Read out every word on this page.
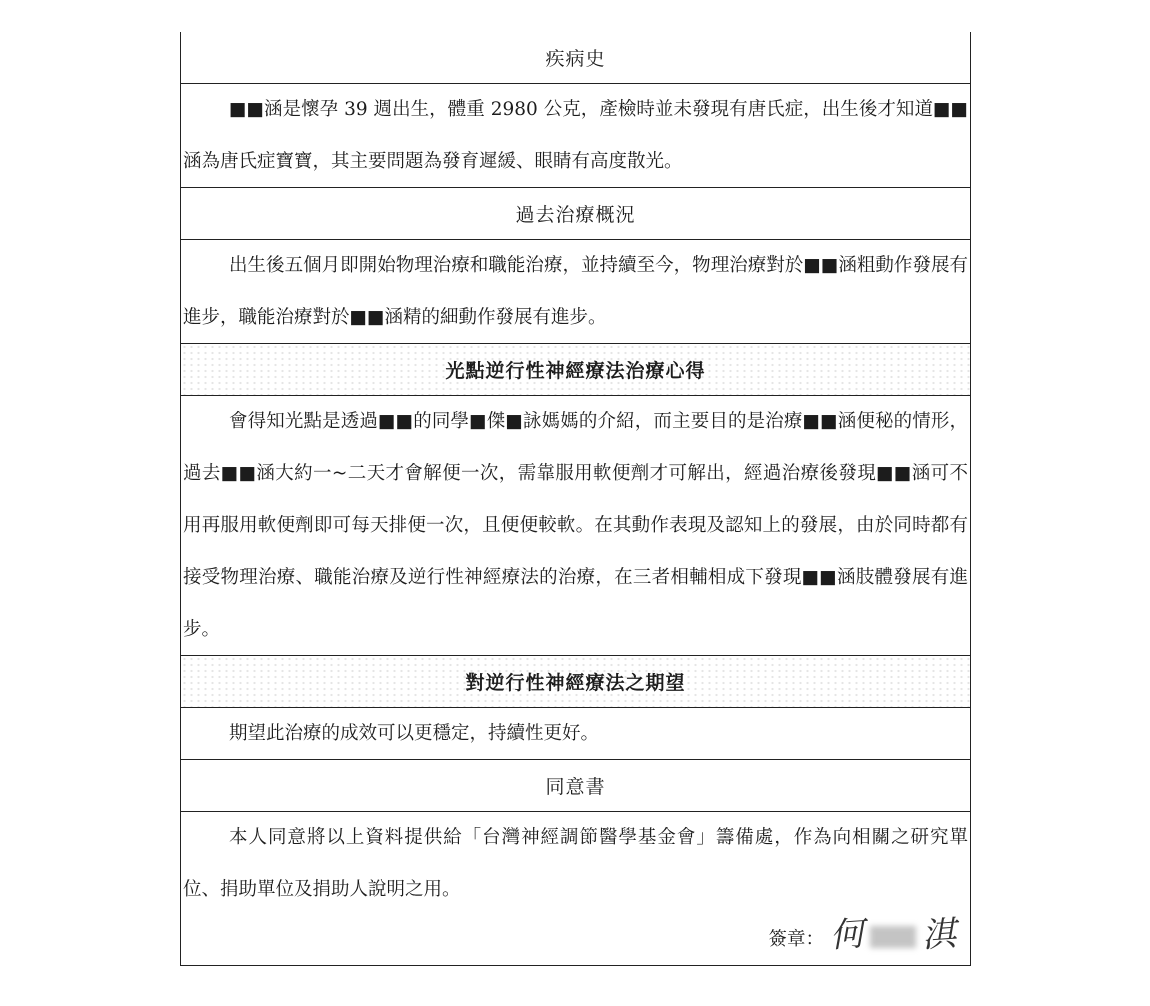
疾病史

■■涵是懷孕 39 週出生，體重 2980 公克，產檢時並未發現有唐氏症，出生後才知道■■涵為唐氏症寶寶，其主要問題為發育遲緩、眼睛有高度散光。

過去治療概況

出生後五個月即開始物理治療和職能治療，並持續至今，物理治療對於■■涵粗動作發展有進步，職能治療對於■■涵精的細動作發展有進步。

光點逆行性神經療法治療心得

會得知光點是透過■■的同學■傑■詠媽媽的介紹，而主要目的是治療■■涵便秘的情形，過去■■涵大約一~二天才會解便一次，需靠服用軟便劑才可解出，經過治療後發現■■涵可不用再服用軟便劑即可每天排便一次，且便便較軟。在其動作表現及認知上的發展，由於同時都有接受物理治療、職能治療及逆行性神經療法的治療，在三者相輔相成下發現■■涵肢體發展有進步。

對逆行性神經療法之期望

期望此治療的成效可以更穩定，持續性更好。

同意書

本人同意將以上資料提供給「台灣神經調節醫學基金會」籌備處，作為向相關之研究單位、捐助單位及捐助人說明之用。

簽章： 何 淇
